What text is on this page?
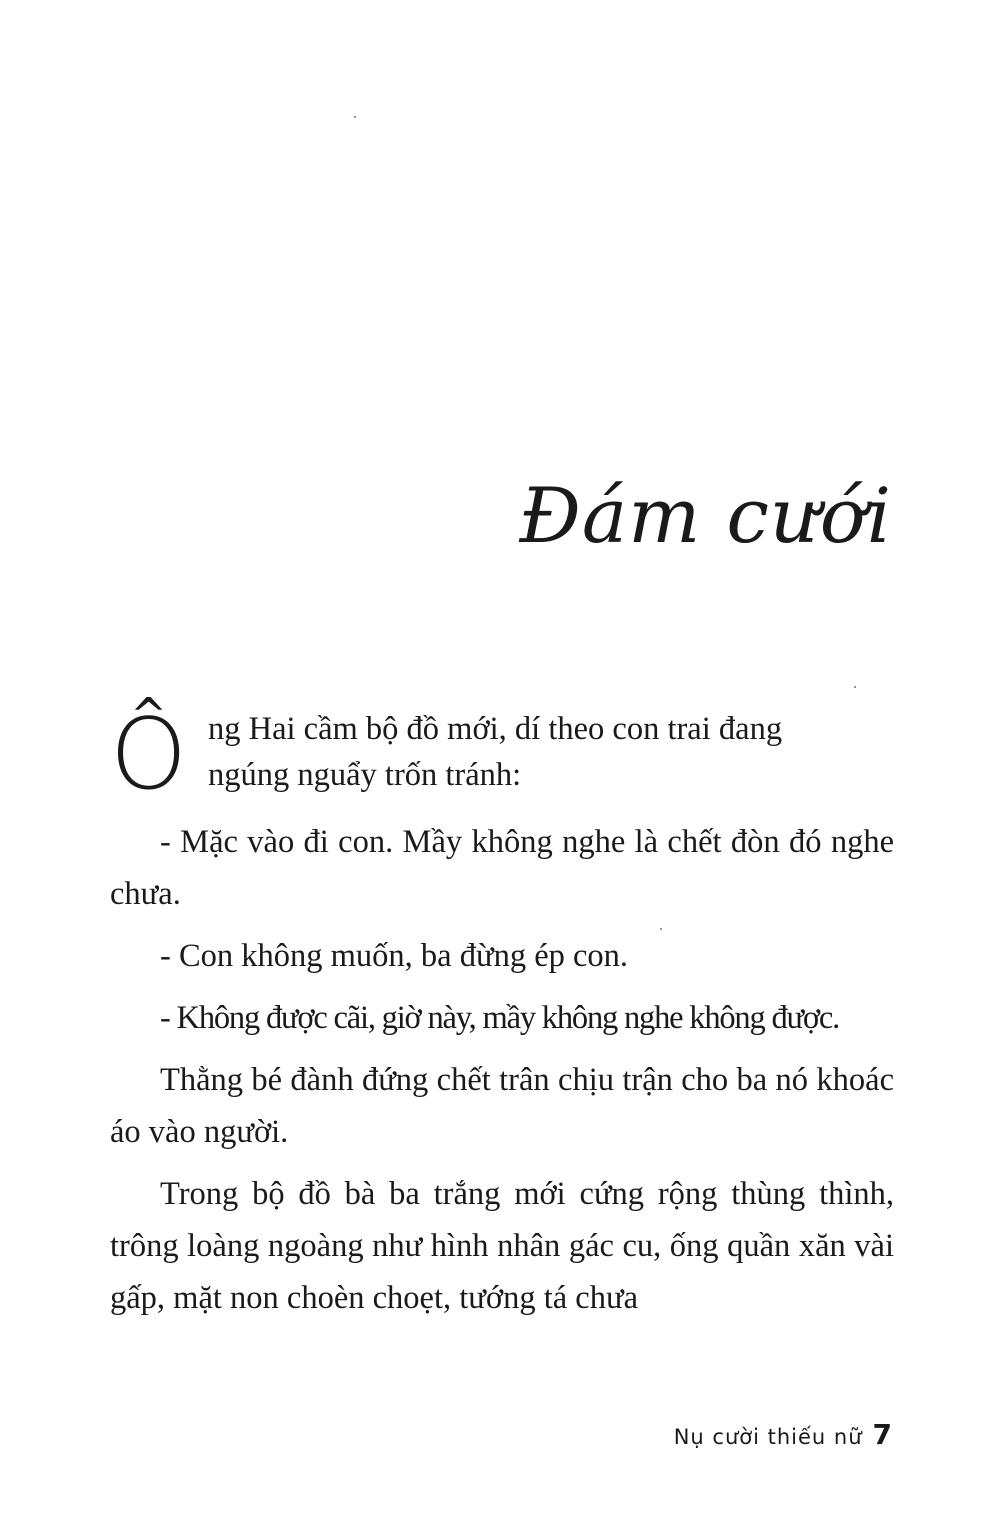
Đám cưới
Ô ng Hai cầm bộ đồ mới, dí theo con trai đang
ngúng nguẩy trốn tránh:

- Mặc vào đi con. Mầy không nghe là chết đòn đó nghe chưa.

- Con không muốn, ba đừng ép con.

- Không được cãi, giờ này, mầy không nghe không được.

Thằng bé đành đứng chết trân chịu trận cho ba nó khoác áo vào người.

Trong bộ đồ bà ba trắng mới cứng rộng thùng thình, trông loàng ngoàng như hình nhân gác cu, ống quần xăn vài gấp, mặt non choèn choẹt, tướng tá chưa

Nụ cười thiếu nữ 7
